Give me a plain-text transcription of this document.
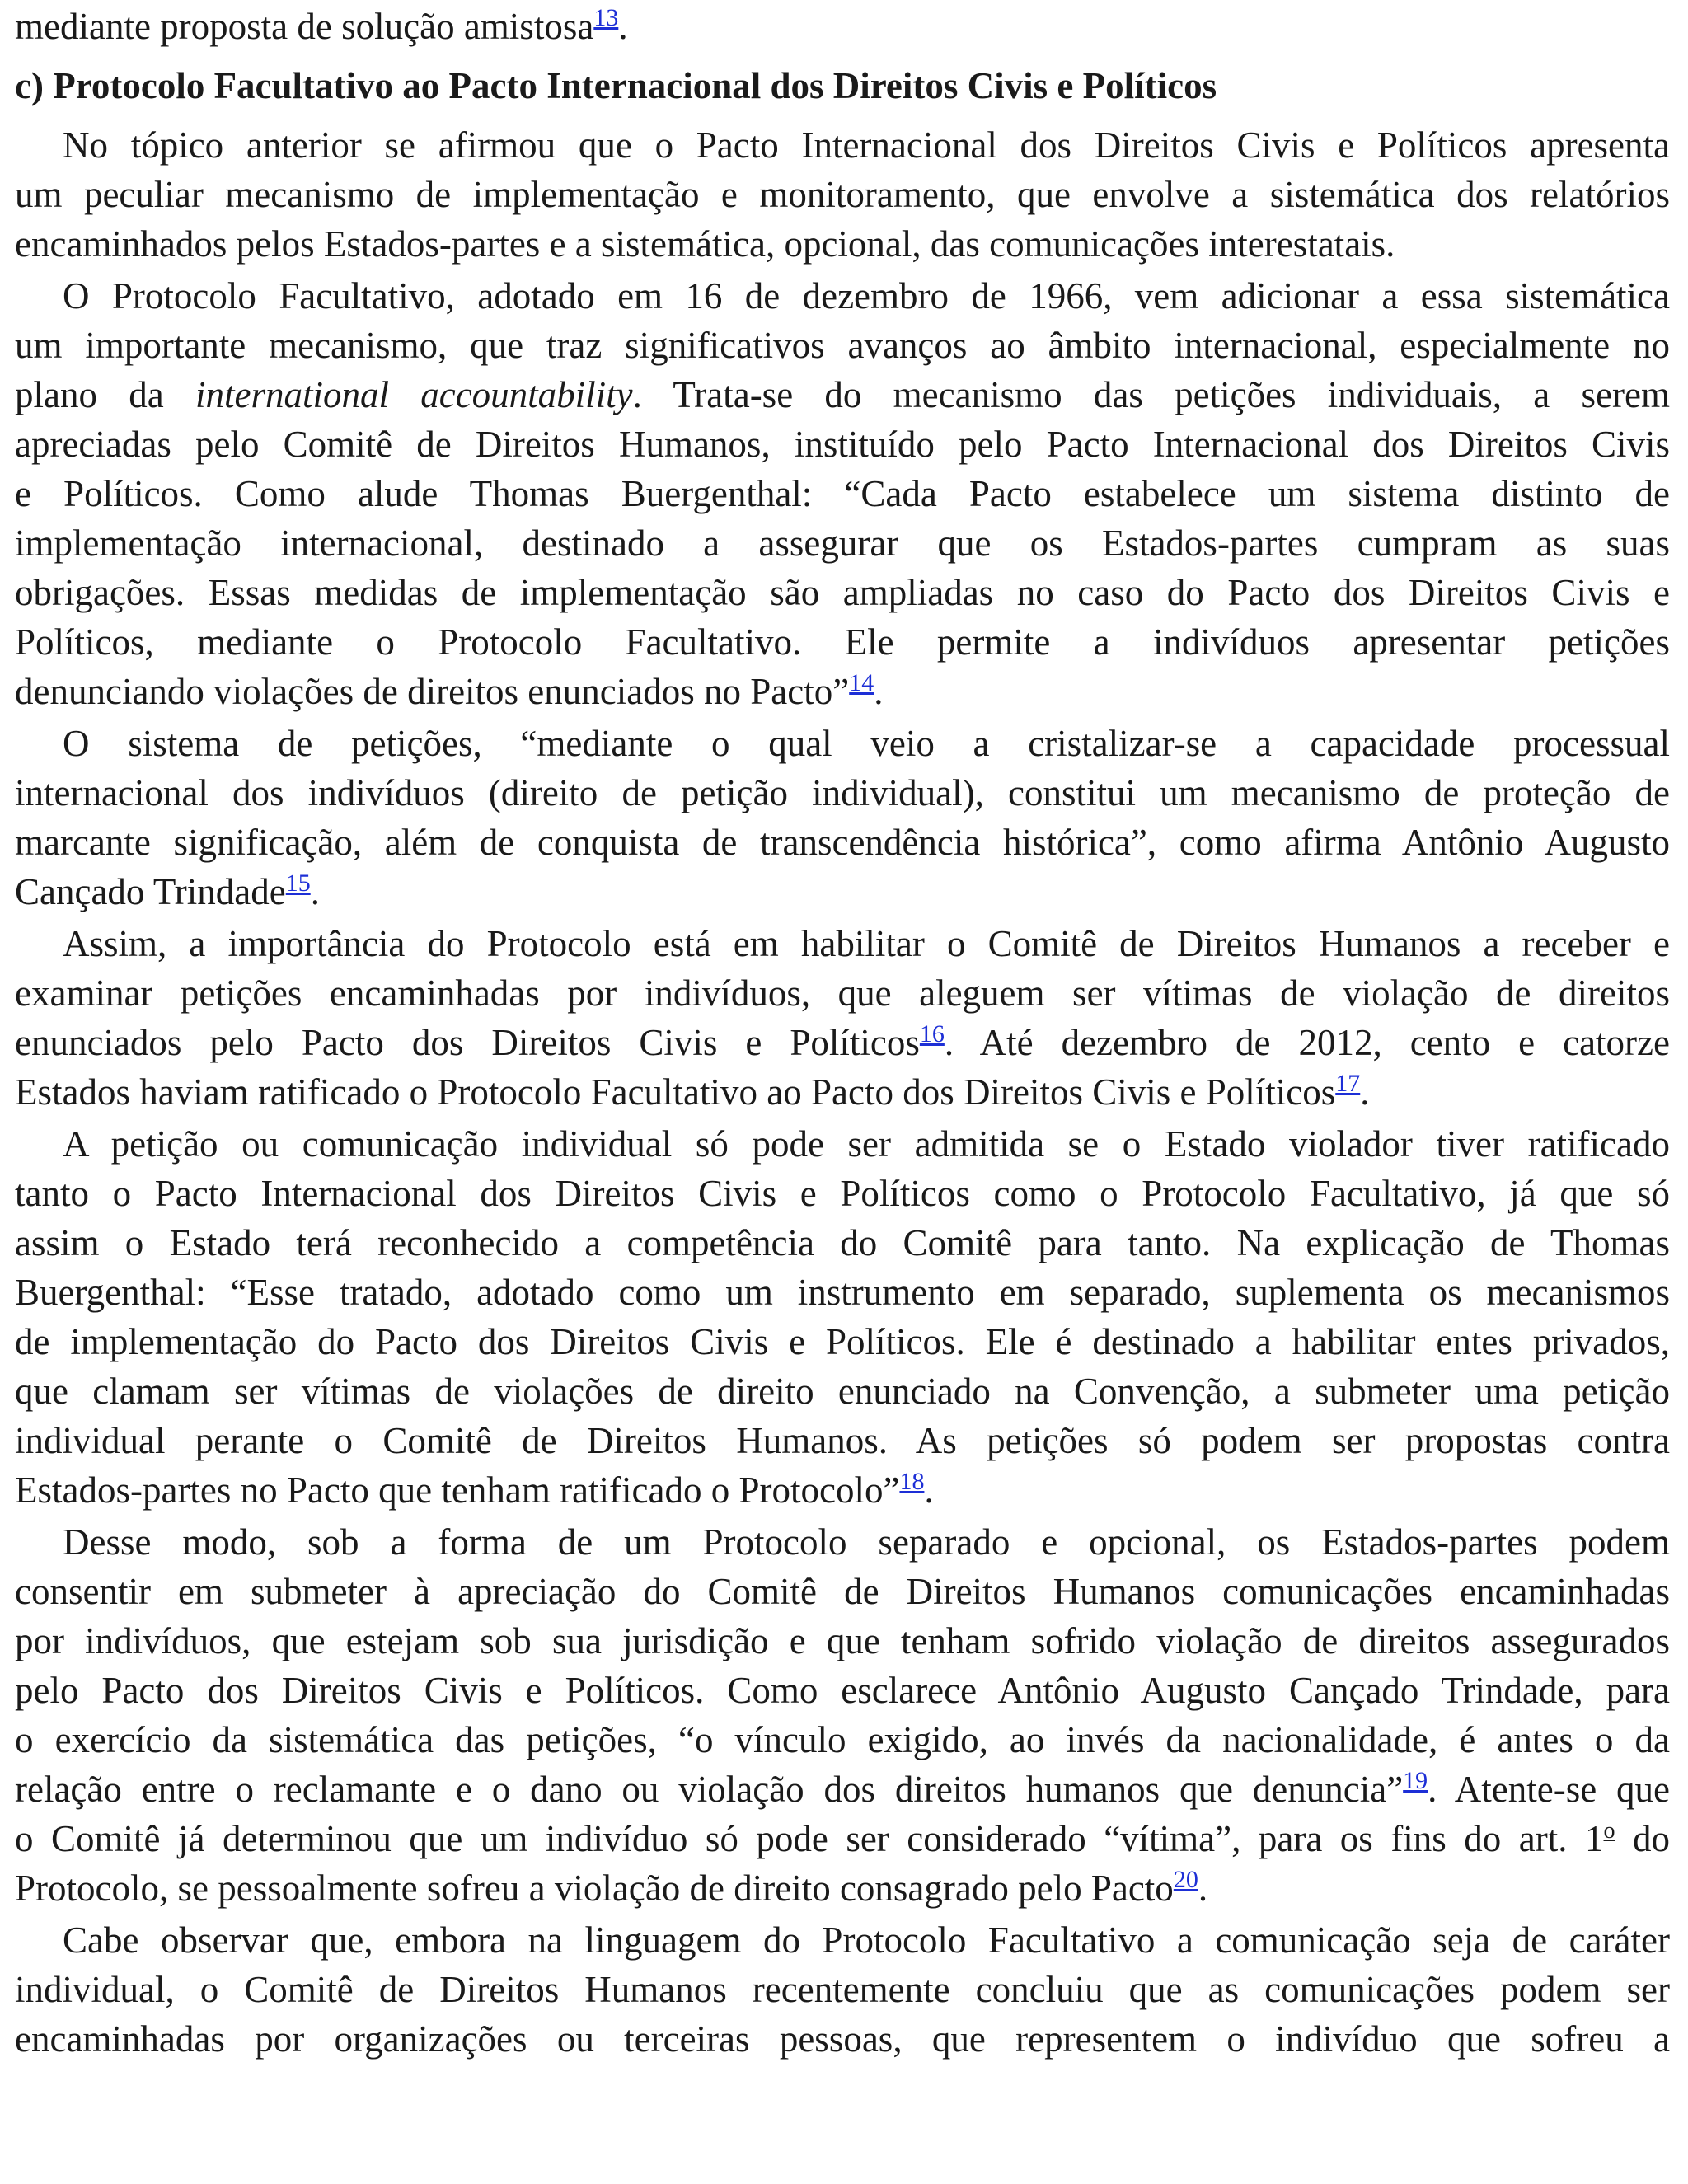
mediante proposta de solução amistosa$^{13}$.
c) Protocolo Facultativo ao Pacto Internacional dos Direitos Civis e Políticos
No tópico anterior se afirmou que o Pacto Internacional dos Direitos Civis e Políticos apresenta
um peculiar mecanismo de implementação e monitoramento, que envolve a sistemática dos relatórios
encaminhados pelos Estados-partes e a sistemática, opcional, das comunicações interestatais.
O Protocolo Facultativo, adotado em 16 de dezembro de 1966, vem adicionar a essa sistemática
um importante mecanismo, que traz significativos avanços ao âmbito internacional, especialmente no
plano da international accountability. Trata-se do mecanismo das petições individuais, a serem
apreciadas pelo Comitê de Direitos Humanos, instituído pelo Pacto Internacional dos Direitos Civis
e Políticos. Como alude Thomas Buergenthal: “Cada Pacto estabelece um sistema distinto de
implementação internacional, destinado a assegurar que os Estados-partes cumpram as suas
obrigações. Essas medidas de implementação são ampliadas no caso do Pacto dos Direitos Civis e
Políticos, mediante o Protocolo Facultativo. Ele permite a indivíduos apresentar petições
denunciando violações de direitos enunciados no Pacto”$^{14}$.
O sistema de petições, “mediante o qual veio a cristalizar-se a capacidade processual
internacional dos indivíduos (direito de petição individual), constitui um mecanismo de proteção de
marcante significação, além de conquista de transcendência histórica”, como afirma Antônio Augusto
Cançado Trindade$^{15}$.
Assim, a importância do Protocolo está em habilitar o Comitê de Direitos Humanos a receber e
examinar petições encaminhadas por indivíduos, que aleguem ser vítimas de violação de direitos
enunciados pelo Pacto dos Direitos Civis e Políticos$^{16}$. Até dezembro de 2012, cento e catorze
Estados haviam ratificado o Protocolo Facultativo ao Pacto dos Direitos Civis e Políticos$^{17}$.
A petição ou comunicação individual só pode ser admitida se o Estado violador tiver ratificado
tanto o Pacto Internacional dos Direitos Civis e Políticos como o Protocolo Facultativo, já que só
assim o Estado terá reconhecido a competência do Comitê para tanto. Na explicação de Thomas
Buergenthal: “Esse tratado, adotado como um instrumento em separado, suplementa os mecanismos
de implementação do Pacto dos Direitos Civis e Políticos. Ele é destinado a habilitar entes privados,
que clamam ser vítimas de violações de direito enunciado na Convenção, a submeter uma petição
individual perante o Comitê de Direitos Humanos. As petições só podem ser propostas contra
Estados-partes no Pacto que tenham ratificado o Protocolo”$^{18}$.
Desse modo, sob a forma de um Protocolo separado e opcional, os Estados-partes podem
consentir em submeter à apreciação do Comitê de Direitos Humanos comunicações encaminhadas
por indivíduos, que estejam sob sua jurisdição e que tenham sofrido violação de direitos assegurados
pelo Pacto dos Direitos Civis e Políticos. Como esclarece Antônio Augusto Cançado Trindade, para
o exercício da sistemática das petições, “o vínculo exigido, ao invés da nacionalidade, é antes o da
relação entre o reclamante e o dano ou violação dos direitos humanos que denuncia”$^{19}$. Atente-se que
o Comitê já determinou que um indivíduo só pode ser considerado “vítima”, para os fins do art. 1$^o$ do
Protocolo, se pessoalmente sofreu a violação de direito consagrado pelo Pacto$^{20}$.
Cabe observar que, embora na linguagem do Protocolo Facultativo a comunicação seja de caráter
individual, o Comitê de Direitos Humanos recentemente concluiu que as comunicações podem ser
encaminhadas por organizações ou terceiras pessoas, que representem o indivíduo que sofreu a
